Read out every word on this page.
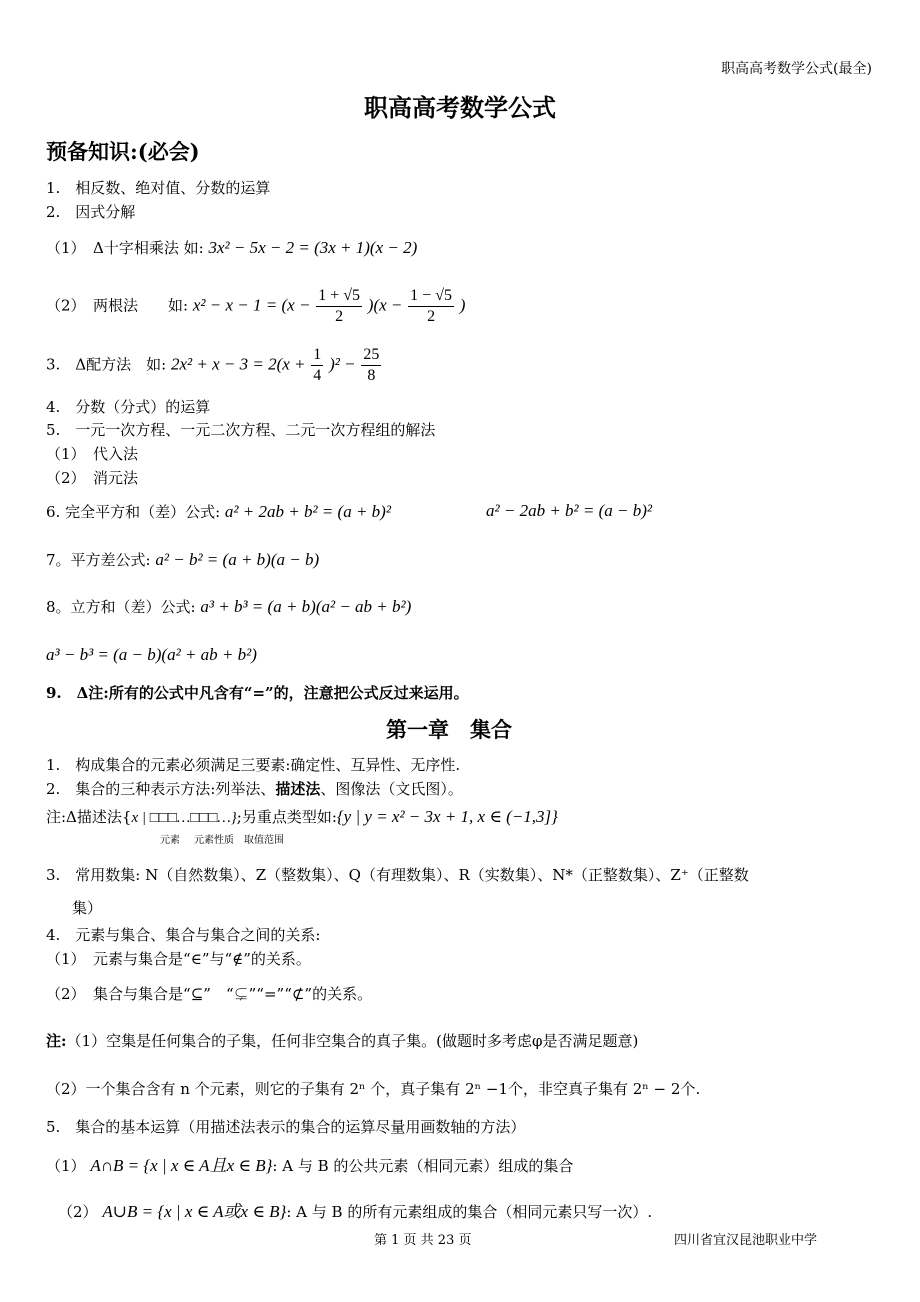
职高高考数学公式(最全)
职高高考数学公式
预备知识:(必会)
1.　相反数、绝对值、分数的运算
2.　因式分解
（1）　Δ十字相乘法 如: 3x² − 5x − 2 = (3x + 1)(x − 2)
（2）　两根法　　如: $x^2 - x - 1 = (x - \frac{1 + √5}{2} )(x - \frac{1 - √5}{2}$ )
3.　Δ配方法　如: $2x^2 + x - 3 = 2(x + \frac{1}{4} )^2 - \frac{25}{8}$
4.　分数（分式）的运算
5.　一元一次方程、一元二次方程、二元一次方程组的解法
（1）　代入法
（2）　消元法
6. 完全平方和（差）公式: a² + 2ab + b² = (a + b)²	a² − 2ab + b² = (a − b)²
7。平方差公式: a² − b² = (a + b)(a − b)
8。立方和（差）公式: a³ + b³ = (a + b)(a² − ab + b²)
a³ − b³ = (a − b)(a² + ab + b²)
9.　Δ注:所有的公式中凡含有“=”的，注意把公式反过来运用。
第一章　集合
1.　构成集合的元素必须满足三要素:确定性、互异性、无序性.
2.　集合的三种表示方法:列举法、描述法、图像法（文氏图）。
注:Δ描述法{x | □□□…□□□…};另重点类型如:{y | y = x² − 3x + 1, x ∈ (−1,3]}
元素 元素性质 取值范围
3.　常用数集: N（自然数集）、Z（整数集）、Q（有理数集）、R（实数集）、N*（正整数集）、Z⁺（正整数
集）
4.　元素与集合、集合与集合之间的关系:
（1）　元素与集合是“∈”与“∉”的关系。
（2）　集合与集合是“⊆”　“⊊”“=”“⊄”的关系。
注:（1）空集是任何集合的子集，任何非空集合的真子集。(做题时多考虑φ是否满足题意)
（2）一个集合含有 n 个元素，则它的子集有 2ⁿ 个，真子集有 2ⁿ −1个，非空真子集有 2ⁿ − 2个.
5.　集合的基本运算（用描述法表示的集合的运算尽量用画数轴的方法）
（1） A∩B = {x | x ∈ A且x ∈ B}: A 与 B 的公共元素（相同元素）组成的集合
（2） A∪B = {x | x ∈ A或x ∈ B}: A 与 B 的所有元素组成的集合（相同元素只写一次）.
第 1 页 共 23 页	四川省宜汉昆池职业中学
